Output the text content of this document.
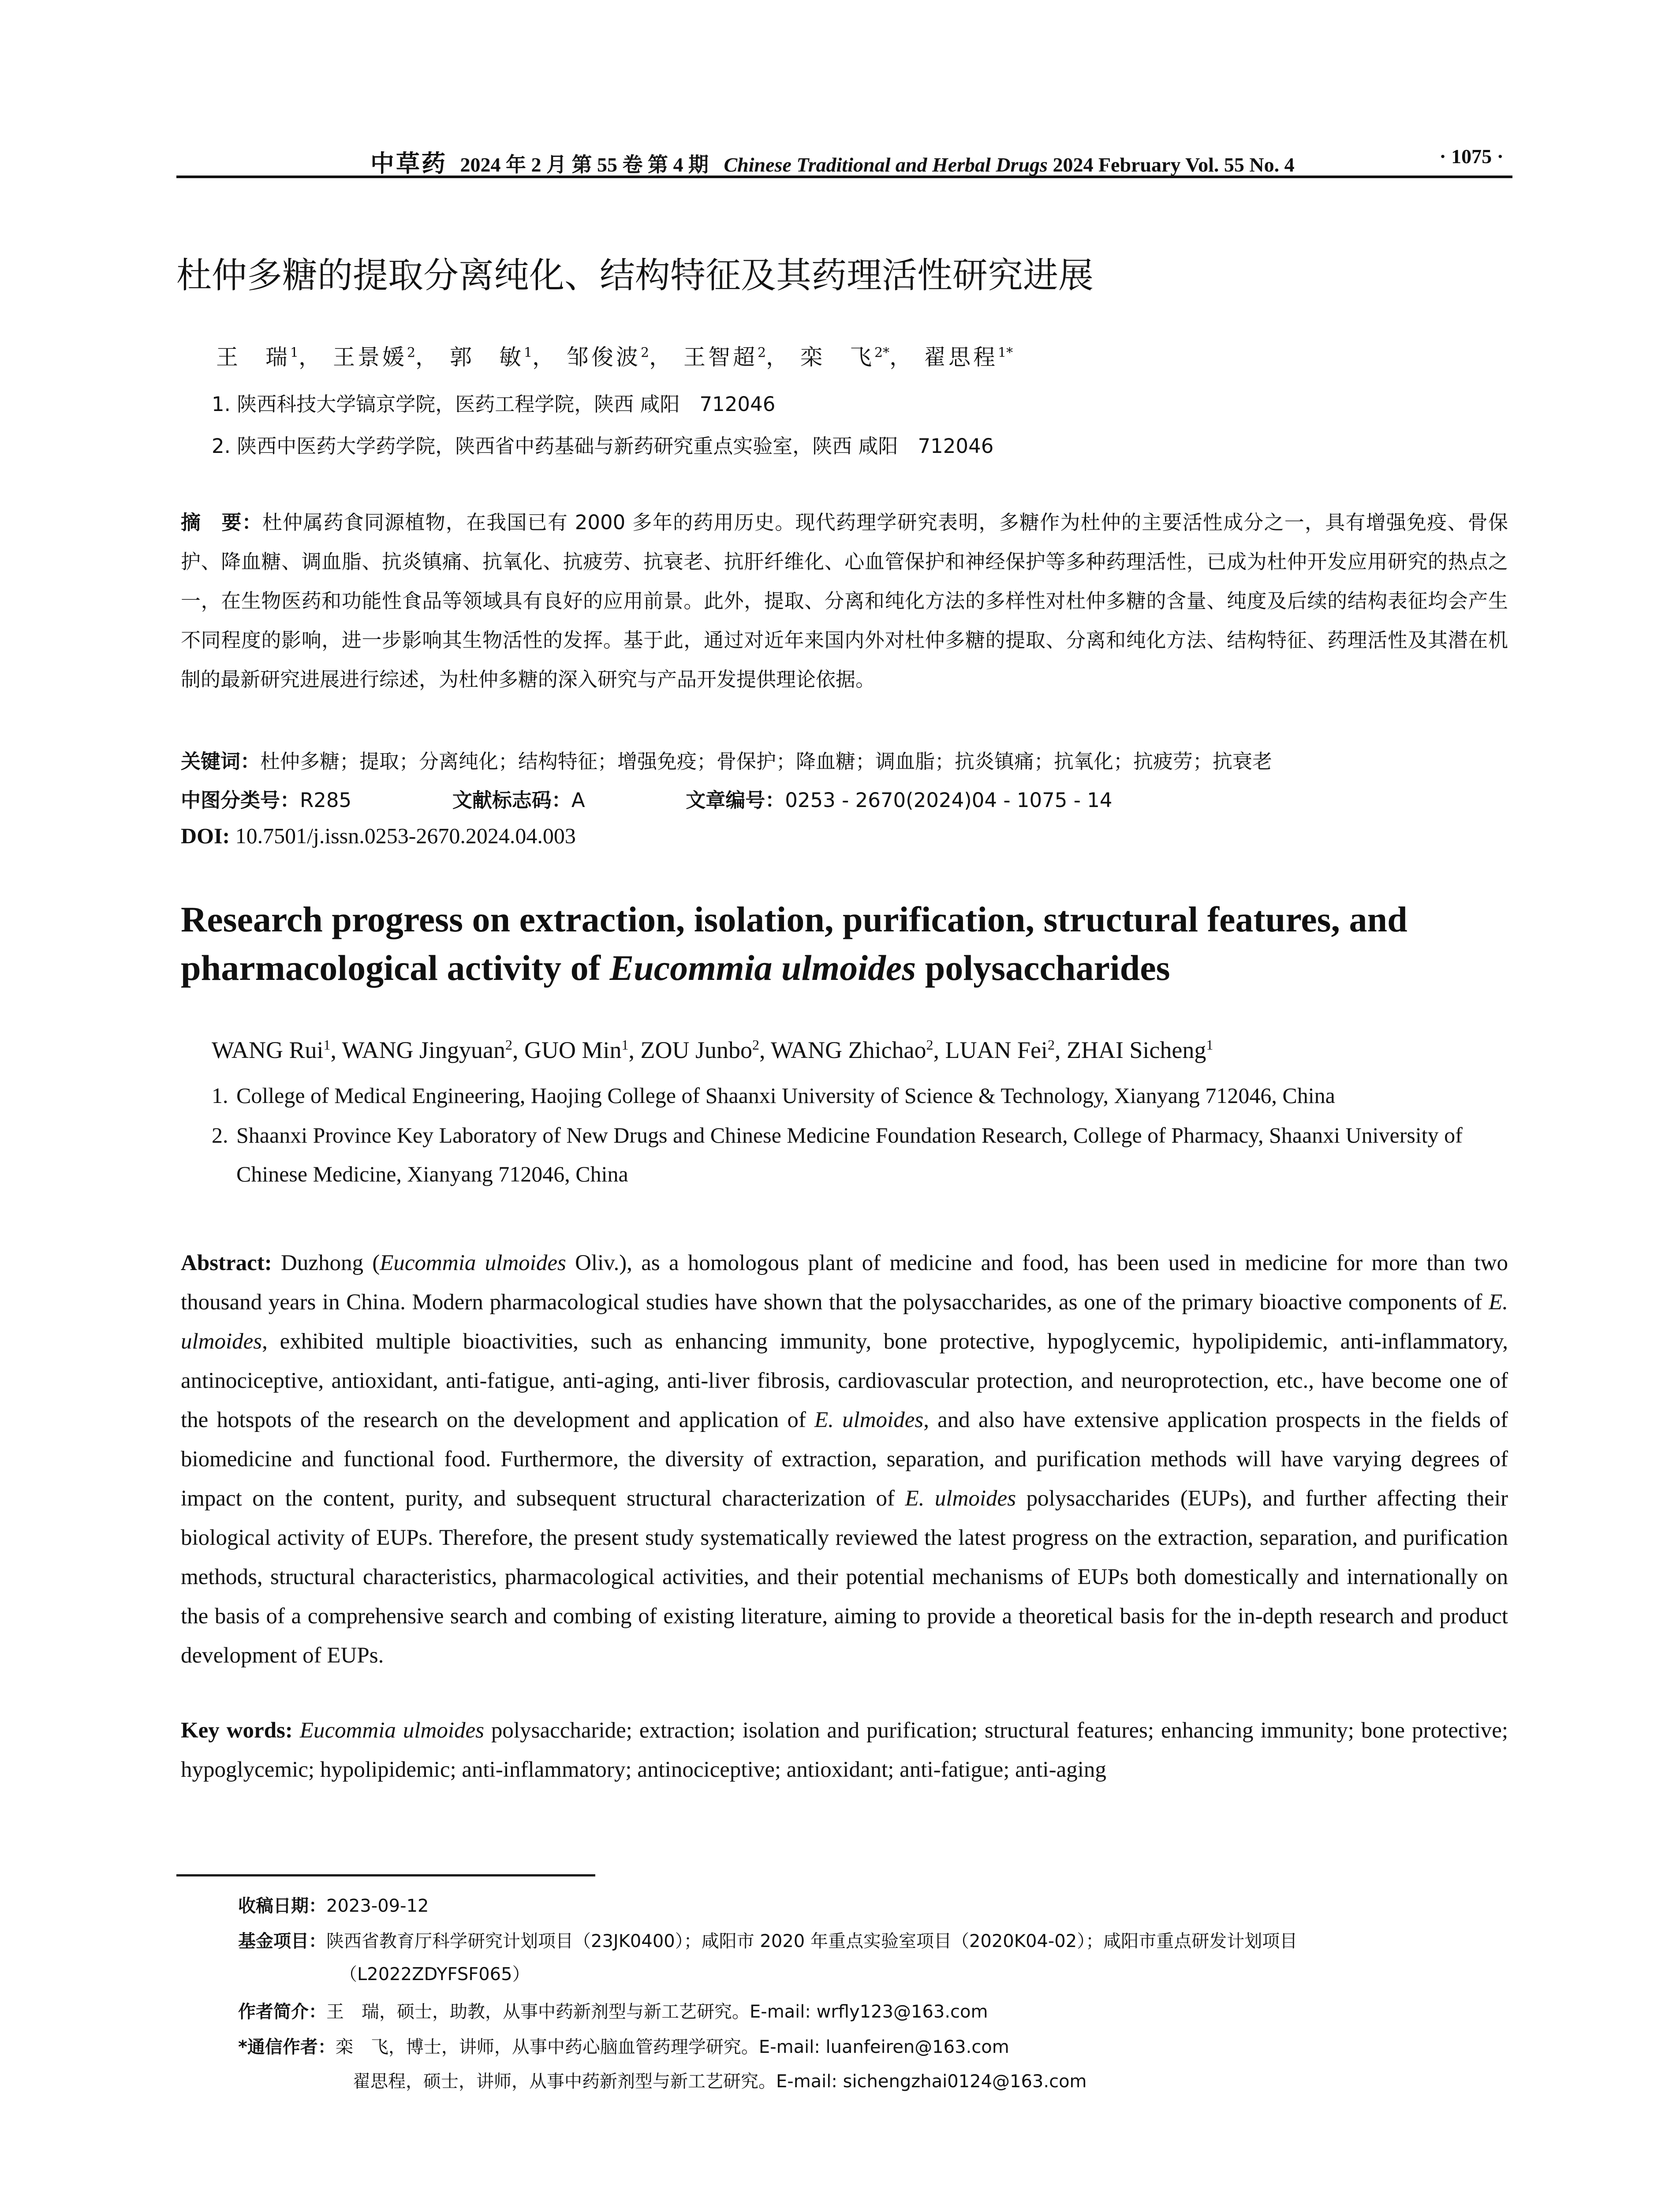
中草药 2024 年 2 月 第 55 卷 第 4 期 Chinese Traditional and Herbal Drugs 2024 February Vol. 55 No. 4	· 1075 ·
杜仲多糖的提取分离纯化、结构特征及其药理活性研究进展
王　瑞$^1$， 王景媛$^2$， 郭　敏$^1$， 邹俊波$^2$， 王智超$^2$， 栾　飞$^{2*}$， 翟思程$^{1*}$
1. 陕西科技大学镐京学院，医药工程学院，陕西 咸阳　712046
2. 陕西中医药大学药学院，陕西省中药基础与新药研究重点实验室，陕西 咸阳　712046
摘　要：杜仲属药食同源植物，在我国已有 2000 多年的药用历史。现代药理学研究表明，多糖作为杜仲的主要活性成分之一，具有增强免疫、骨保护、降血糖、调血脂、抗炎镇痛、抗氧化、抗疲劳、抗衰老、抗肝纤维化、心血管保护和神经保护等多种药理活性，已成为杜仲开发应用研究的热点之一，在生物医药和功能性食品等领域具有良好的应用前景。此外，提取、分离和纯化方法的多样性对杜仲多糖的含量、纯度及后续的结构表征均会产生不同程度的影响，进一步影响其生物活性的发挥。基于此，通过对近年来国内外对杜仲多糖的提取、分离和纯化方法、结构特征、药理活性及其潜在机制的最新研究进展进行综述，为杜仲多糖的深入研究与产品开发提供理论依据。
关键词：杜仲多糖；提取；分离纯化；结构特征；增强免疫；骨保护；降血糖；调血脂；抗炎镇痛；抗氧化；抗疲劳；抗衰老
中图分类号：R285	文献标志码：A	文章编号：0253 - 2670(2024)04 - 1075 - 14
DOI: 10.7501/j.issn.0253-2670.2024.04.003
Research progress on extraction, isolation, purification, structural features, and pharmacological activity of Eucommia ulmoides polysaccharides
WANG Rui$^1$, WANG Jingyuan$^2$, GUO Min$^1$, ZOU Junbo$^2$, WANG Zhichao$^2$, LUAN Fei$^2$, ZHAI Sicheng$^1$
1. College of Medical Engineering, Haojing College of Shaanxi University of Science & Technology, Xianyang 712046, China
2. Shaanxi Province Key Laboratory of New Drugs and Chinese Medicine Foundation Research, College of Pharmacy, Shaanxi University of Chinese Medicine, Xianyang 712046, China
Abstract: Duzhong (Eucommia ulmoides Oliv.), as a homologous plant of medicine and food, has been used in medicine for more than two thousand years in China. Modern pharmacological studies have shown that the polysaccharides, as one of the primary bioactive components of E. ulmoides, exhibited multiple bioactivities, such as enhancing immunity, bone protective, hypoglycemic, hypolipidemic, anti-inflammatory, antinociceptive, antioxidant, anti-fatigue, anti-aging, anti-liver fibrosis, cardiovascular protection, and neuroprotection, etc., have become one of the hotspots of the research on the development and application of E. ulmoides, and also have extensive application prospects in the fields of biomedicine and functional food. Furthermore, the diversity of extraction, separation, and purification methods will have varying degrees of impact on the content, purity, and subsequent structural characterization of E. ulmoides polysaccharides (EUPs), and further affecting their biological activity of EUPs. Therefore, the present study systematically reviewed the latest progress on the extraction, separation, and purification methods, structural characteristics, pharmacological activities, and their potential mechanisms of EUPs both domestically and internationally on the basis of a comprehensive search and combing of existing literature, aiming to provide a theoretical basis for the in-depth research and product development of EUPs.
Key words: Eucommia ulmoides polysaccharide; extraction; isolation and purification; structural features; enhancing immunity; bone protective; hypoglycemic; hypolipidemic; anti-inflammatory; antinociceptive; antioxidant; anti-fatigue; anti-aging
收稿日期：2023-09-12
基金项目：陕西省教育厅科学研究计划项目（23JK0400）；咸阳市 2020 年重点实验室项目（2020K04-02）；咸阳市重点研发计划项目
（L2022ZDYFSF065）
作者简介：王　瑞，硕士，助教，从事中药新剂型与新工艺研究。E-mail: wrfly123@163.com
*通信作者：栾　飞，博士，讲师，从事中药心脑血管药理学研究。E-mail: luanfeiren@163.com
翟思程，硕士，讲师，从事中药新剂型与新工艺研究。E-mail: sichengzhai0124@163.com
